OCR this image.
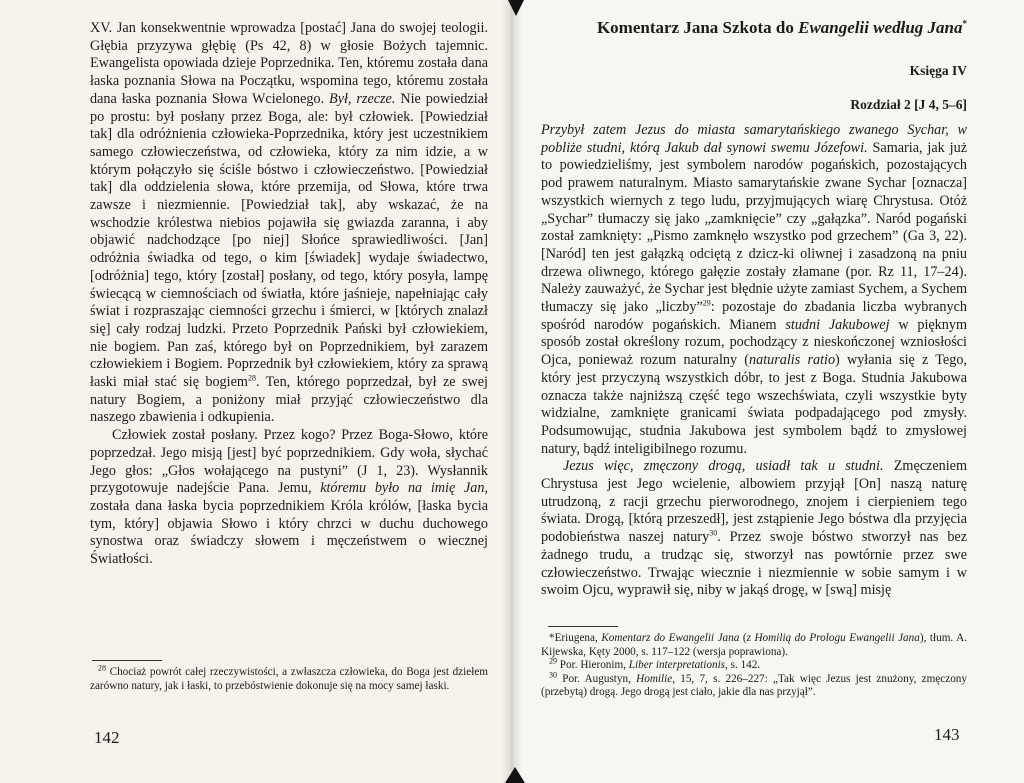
XV. Jan konsekwentnie wprowadza [postać] Jana do swojej teologii. Głębia przyzywa głębię (Ps 42, 8) w głosie Bożych tajemnic. Ewangelista opowiada dzieje Poprzednika. Ten, któremu została dana łaska poznania Słowa na Początku, wspomina tego, któremu została dana łaska poznania Słowa Wcielonego. Był, rzecze. Nie powiedział po prostu: był posłany przez Boga, ale: był człowiek. [Powiedział tak] dla odróżnienia człowieka-Poprzednika, który jest uczestnikiem samego człowieczeństwa, od człowieka, który za nim idzie, a w którym połączyło się ściśle bóstwo i człowieczeństwo. [Powiedział tak] dla oddzielenia słowa, które przemija, od Słowa, które trwa zawsze i niezmiennie. [Powiedział tak], aby wskazać, że na wschodzie królestwa niebios pojawiła się gwiazda zaranna, i aby objawić nadchodzące [po niej] Słońce sprawiedliwości. [Jan] odróżnia świadka od tego, o kim [świadek] wydaje świadectwo, [odróżnia] tego, który [został] posłany, od tego, który posyła, lampę świecącą w ciemnościach od światła, które jaśnieje, napełniając cały świat i rozpraszając ciemności grzechu i śmierci, w [których znalazł się] cały rodzaj ludzki. Przeto Poprzednik Pański był człowiekiem, nie bogiem. Pan zaś, którego był on Poprzednikiem, był zarazem człowiekiem i Bogiem. Poprzednik był człowiekiem, który za sprawą łaski miał stać się bogiem$^{28}$. Ten, którego poprzedzał, był ze swej natury Bogiem, a poniżony miał przyjąć człowieczeństwo dla naszego zbawienia i odkupienia.

Człowiek został posłany. Przez kogo? Przez Boga-Słowo, które poprzedzał. Jego misją [jest] być poprzednikiem. Gdy woła, słychać Jego głos: „Głos wołającego na pustyni” (J 1, 23). Wysłannik przygotowuje nadejście Pana. Jemu, któremu było na imię Jan, została dana łaska bycia poprzednikiem Króla królów, [łaska bycia tym, który] objawia Słowo i który chrzci w duchu duchowego synostwa oraz świadczy słowem i męczeństwem o wiecznej Światłości.

$^{28}$ Chociaż powrót całej rzeczywistości, a zwłaszcza człowieka, do Boga jest dziełem zarówno natury, jak i łaski, to przebóstwienie dokonuje się na mocy samej łaski.

142
Komentarz Jana Szkota do Ewangelii według Jana*
Księga IV
Rozdział 2 [J 4, 5–6]

Przybył zatem Jezus do miasta samarytańskiego zwanego Sychar, w pobliże studni, którą Jakub dał synowi swemu Józefowi. Samaria, jak już to powiedzieliśmy, jest symbolem narodów pogańskich, pozostających pod prawem naturalnym. Miasto samarytańskie zwane Sychar [oznacza] wszystkich wiernych z tego ludu, przyjmujących wiarę Chrystusa. Otóż „Sychar” tłumaczy się jako „zamknięcie” czy „gałązka”. Naród pogański został zamknięty: „Pismo zamknęło wszystko pod grzechem” (Ga 3, 22). [Naród] ten jest gałązką odciętą z dzicz-ki oliwnej i zasadzoną na pniu drzewa oliwnego, którego gałęzie zostały złamane (por. Rz 11, 17–24). Należy zauważyć, że Sychar jest błędnie użyte zamiast Sychem, a Sychem tłumaczy się jako „liczby”$^{29}$: pozostaje do zbadania liczba wybranych spośród narodów pogańskich. Mianem studni Jakubowej w pięknym sposób został określony rozum, pochodzący z nieskończonej wzniosłości Ojca, ponieważ rozum naturalny (naturalis ratio) wyłania się z Tego, który jest przyczyną wszystkich dóbr, to jest z Boga. Studnia Jakubowa oznacza także najniższą część tego wszechświata, czyli wszystkie byty widzialne, zamknięte granicami świata podpadającego pod zmysły. Podsumowując, studnia Jakubowa jest symbolem bądź to zmysłowej natury, bądź inteligibilnego rozumu.

Jezus więc, zmęczony drogą, usiadł tak u studni. Zmęczeniem Chrystusa jest Jego wcielenie, albowiem przyjął [On] naszą naturę utrudzoną, z racji grzechu pierworodnego, znojem i cierpieniem tego świata. Drogą, [którą przeszedł], jest zstąpienie Jego bóstwa dla przyjęcia podobieństwa naszej natury$^{30}$. Przez swoje bóstwo stworzył nas bez żadnego trudu, a trudząc się, stworzył nas powtórnie przez swe człowieczeństwo. Trwając wiecznie i niezmiennie w sobie samym i w swoim Ojcu, wyprawił się, niby w jakąś drogę, w [swą] misję

*Eriugena, Komentarz do Ewangelii Jana (z Homilią do Prologu Ewangelii Jana), tłum. A. Kijewska, Kęty 2000, s. 117–122 (wersja poprawiona).

$^{29}$ Por. Hieronim, Liber interpretationis, s. 142.

$^{30}$ Por. Augustyn, Homilie, 15, 7, s. 226–227: „Tak więc Jezus jest znużony, zmęczony (przebytą) drogą. Jego drogą jest ciało, jakie dla nas przyjął”.

143
